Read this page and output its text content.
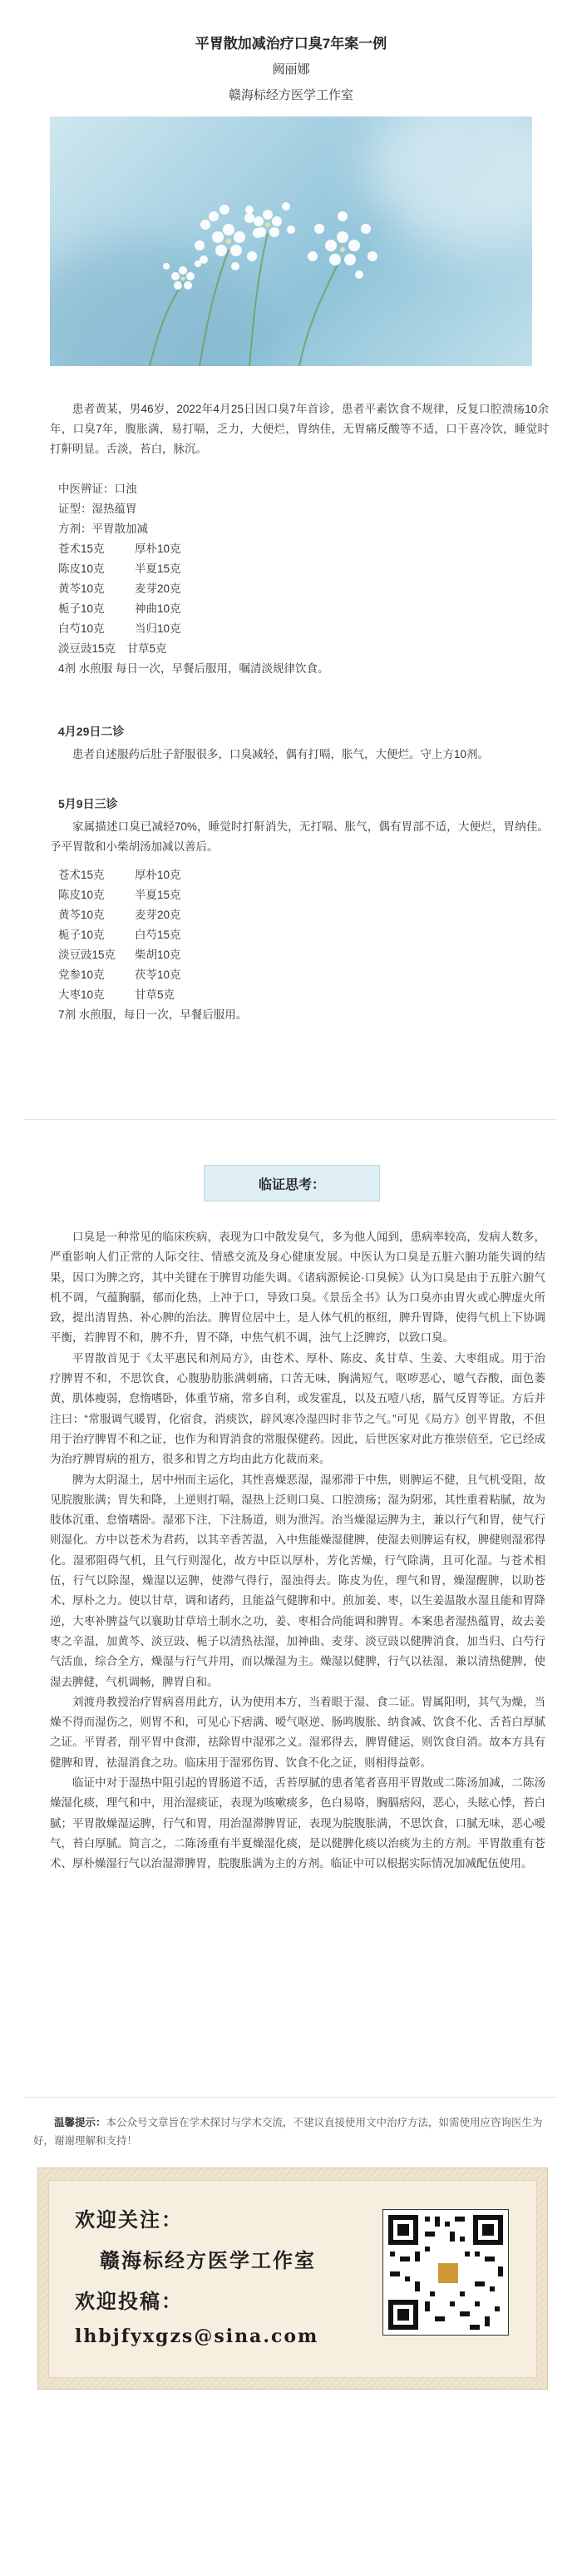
平胃散加减治疗口臭7年案一例
阙丽娜
赣海标经方医学工作室

患者黄某，男46岁，2022年4月25日因口臭7年首诊，患者平素饮食不规律，反复口腔溃疡10余年，口臭7年，腹胀满，易打嗝，乏力，大便烂，胃纳佳，无胃痛反酸等不适，口干喜冷饮，睡觉时打鼾明显。舌淡，苔白，脉沉。

中医辨证：口浊
证型：湿热蕴胃
方剂：平胃散加减
苍术15克	厚朴10克
陈皮10克	半夏15克
黄芩10克	麦芽20克
栀子10克	神曲10克
白芍10克	当归10克
淡豆豉15克　甘草5克
4剂 水煎服 每日一次，早餐后服用，嘱清淡规律饮食。
4月29日二诊

患者自述服药后肚子舒服很多，口臭减轻，偶有打嗝，胀气，大便烂。守上方10剂。

5月9日三诊

家属描述口臭已减轻70%，睡觉时打鼾消失，无打嗝、胀气，偶有胃部不适，大便烂，胃纳佳。予平胃散和小柴胡汤加减以善后。

苍术15克	厚朴10克
陈皮10克	半夏15克
黄芩10克	麦芽20克
栀子10克	白芍15克
淡豆豉15克	柴胡10克
党参10克	茯苓10克
大枣10克	甘草5克
7剂 水煎服，每日一次，早餐后服用。
临证思考：

口臭是一种常见的临床疾病，表现为口中散发臭气，多为他人闻到，患病率较高，发病人数多，严重影响人们正常的人际交往、情感交流及身心健康发展。中医认为口臭是五脏六腑功能失调的结果，因口为脾之窍，其中关键在于脾胃功能失调。《诸病源候论·口臭候》认为口臭是由于五脏六腑气机不调，气蕴胸膈，郁而化热，上冲于口，导致口臭。《景岳全书》认为口臭亦由胃火或心脾虚火所致，提出清胃热、补心脾的治法。脾胃位居中土，是人体气机的枢纽，脾升胃降，使得气机上下协调平衡，若脾胃不和，脾不升，胃不降，中焦气机不调，浊气上泛脾窍，以致口臭。

平胃散首见于《太平惠民和剂局方》，由苍术、厚朴、陈皮、炙甘草、生姜、大枣组成。用于治疗脾胃不和，不思饮食，心腹胁肋胀满刺痛，口苦无味，胸满短气，呕哕恶心，噫气吞酸，面色萎黄，肌体瘦弱，怠惰嗜卧，体重节痛，常多自利，或发霍乱，以及五噎八痞，膈气反胃等证。方后并注曰：“常服调气暖胃，化宿食，消痰饮，辟风寒冷湿四时非节之气。”可见《局方》创平胃散，不但用于治疗脾胃不和之证，也作为和胃消食的常服保健药。因此，后世医家对此方推崇倍至，它已经成为治疗脾胃病的祖方，很多和胃之方均由此方化裁而来。

脾为太阴湿土，居中州而主运化，其性喜燥恶湿，湿邪滞于中焦，则脾运不健，且气机受阻，故见脘腹胀满；胃失和降，上逆则打嗝，湿热上泛则口臭、口腔溃疡；湿为阴邪，其性重着粘腻，故为肢体沉重、怠惰嗜卧。湿邪下注，下注肠道，则为泄泻。治当燥湿运脾为主，兼以行气和胃，使气行则湿化。方中以苍术为君药，以其辛香苦温，入中焦能燥湿健脾，使湿去则脾运有权，脾健则湿邪得化。湿邪阻碍气机，且气行则湿化，故方中臣以厚朴，芳化苦燥，行气除满，且可化湿。与苍术相伍，行气以除湿，燥湿以运脾，使滞气得行，湿浊得去。陈皮为佐，理气和胃，燥湿醒脾，以助苍术、厚朴之力。使以甘草，调和诸药，且能益气健脾和中。煎加姜、枣，以生姜温散水湿且能和胃降逆，大枣补脾益气以襄助甘草培土制水之功，姜、枣相合尚能调和脾胃。本案患者湿热蕴胃，故去姜枣之辛温，加黄芩、淡豆豉、栀子以清热祛湿，加神曲、麦芽、淡豆豉以健脾消食，加当归、白芍行气活血，综合全方，燥湿与行气并用，而以燥湿为主。燥湿以健脾，行气以祛湿，兼以清热健脾，使湿去脾健，气机调畅，脾胃自和。

刘渡舟教授治疗胃病喜用此方，认为使用本方，当着眼于湿、食二证。胃属阳明，其气为燥，当燥不得而湿伤之，则胃不和，可见心下痞满、嗳气呕逆、肠鸣腹胀、纳食减、饮食不化、舌苔白厚腻之证。平胃者，削平胃中食滞，祛除胃中湿邪之义。湿邪得去，脾胃健运，则饮食自消。故本方具有健脾和胃，祛湿消食之功。临床用于湿邪伤胃、饮食不化之证，则相得益彰。

临证中对于湿热中阻引起的胃肠道不适，舌苔厚腻的患者笔者喜用平胃散或二陈汤加减，二陈汤燥湿化痰，理气和中，用治湿痰证，表现为咳嗽痰多，色白易咯，胸膈痞闷，恶心，头眩心悸，苔白腻；平胃散燥湿运脾，行气和胃，用治湿滞脾胃证，表现为脘腹胀满，不思饮食，口腻无味，恶心嗳气，苔白厚腻。简言之，二陈汤重有半夏燥湿化痰，是以健脾化痰以治痰为主的方剂。平胃散重有苍术、厚朴燥湿行气以治湿滞脾胃，脘腹胀满为主的方剂。临证中可以根据实际情况加减配伍使用。

温馨提示：本公众号文章旨在学术探讨与学术交流，不建议直接使用文中治疗方法，如需使用应咨询医生为好，谢谢理解和支持！
欢迎关注：
赣海标经方医学工作室
欢迎投稿：
lhbjfyxgzs@sina.com
